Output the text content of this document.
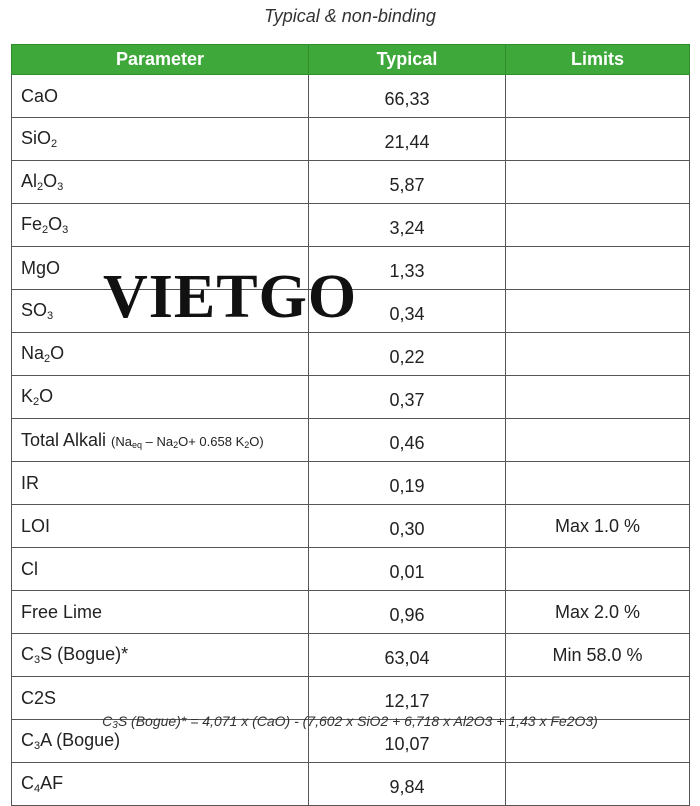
Typical & non-binding
Parameter	Typical	Limits
CaO	66,33	
SiO$_2$	21,44	
$Al_2O_3$	5,87	
$Fe_2O_3$	3,24	
MgO	1,33	
$SO_3$	0,34	
$Na_2O$	0,22	
$K_2O$	0,37	
Total Alkali ($Na_{eq} - Na_2O+ 0.658$ $K_2O$)	0,46	
IR	0,19	
LOI	0,30	Max 1.0 %
Cl	0,01	
Free Lime	0,96	Max 2.0 %
$C_3S$ (Bogue)*	63,04	Min 58.0 %
C2S	12,17	
$C_3A$ (Bogue)	10,07	
$C_4AF$	9,84	
VIETGO
$C_3S$ (Bogue)* = 4,071 x (CaO) - (7,602 x SiO2 + 6,718 x Al2O3 + 1,43 x Fe2O3)
